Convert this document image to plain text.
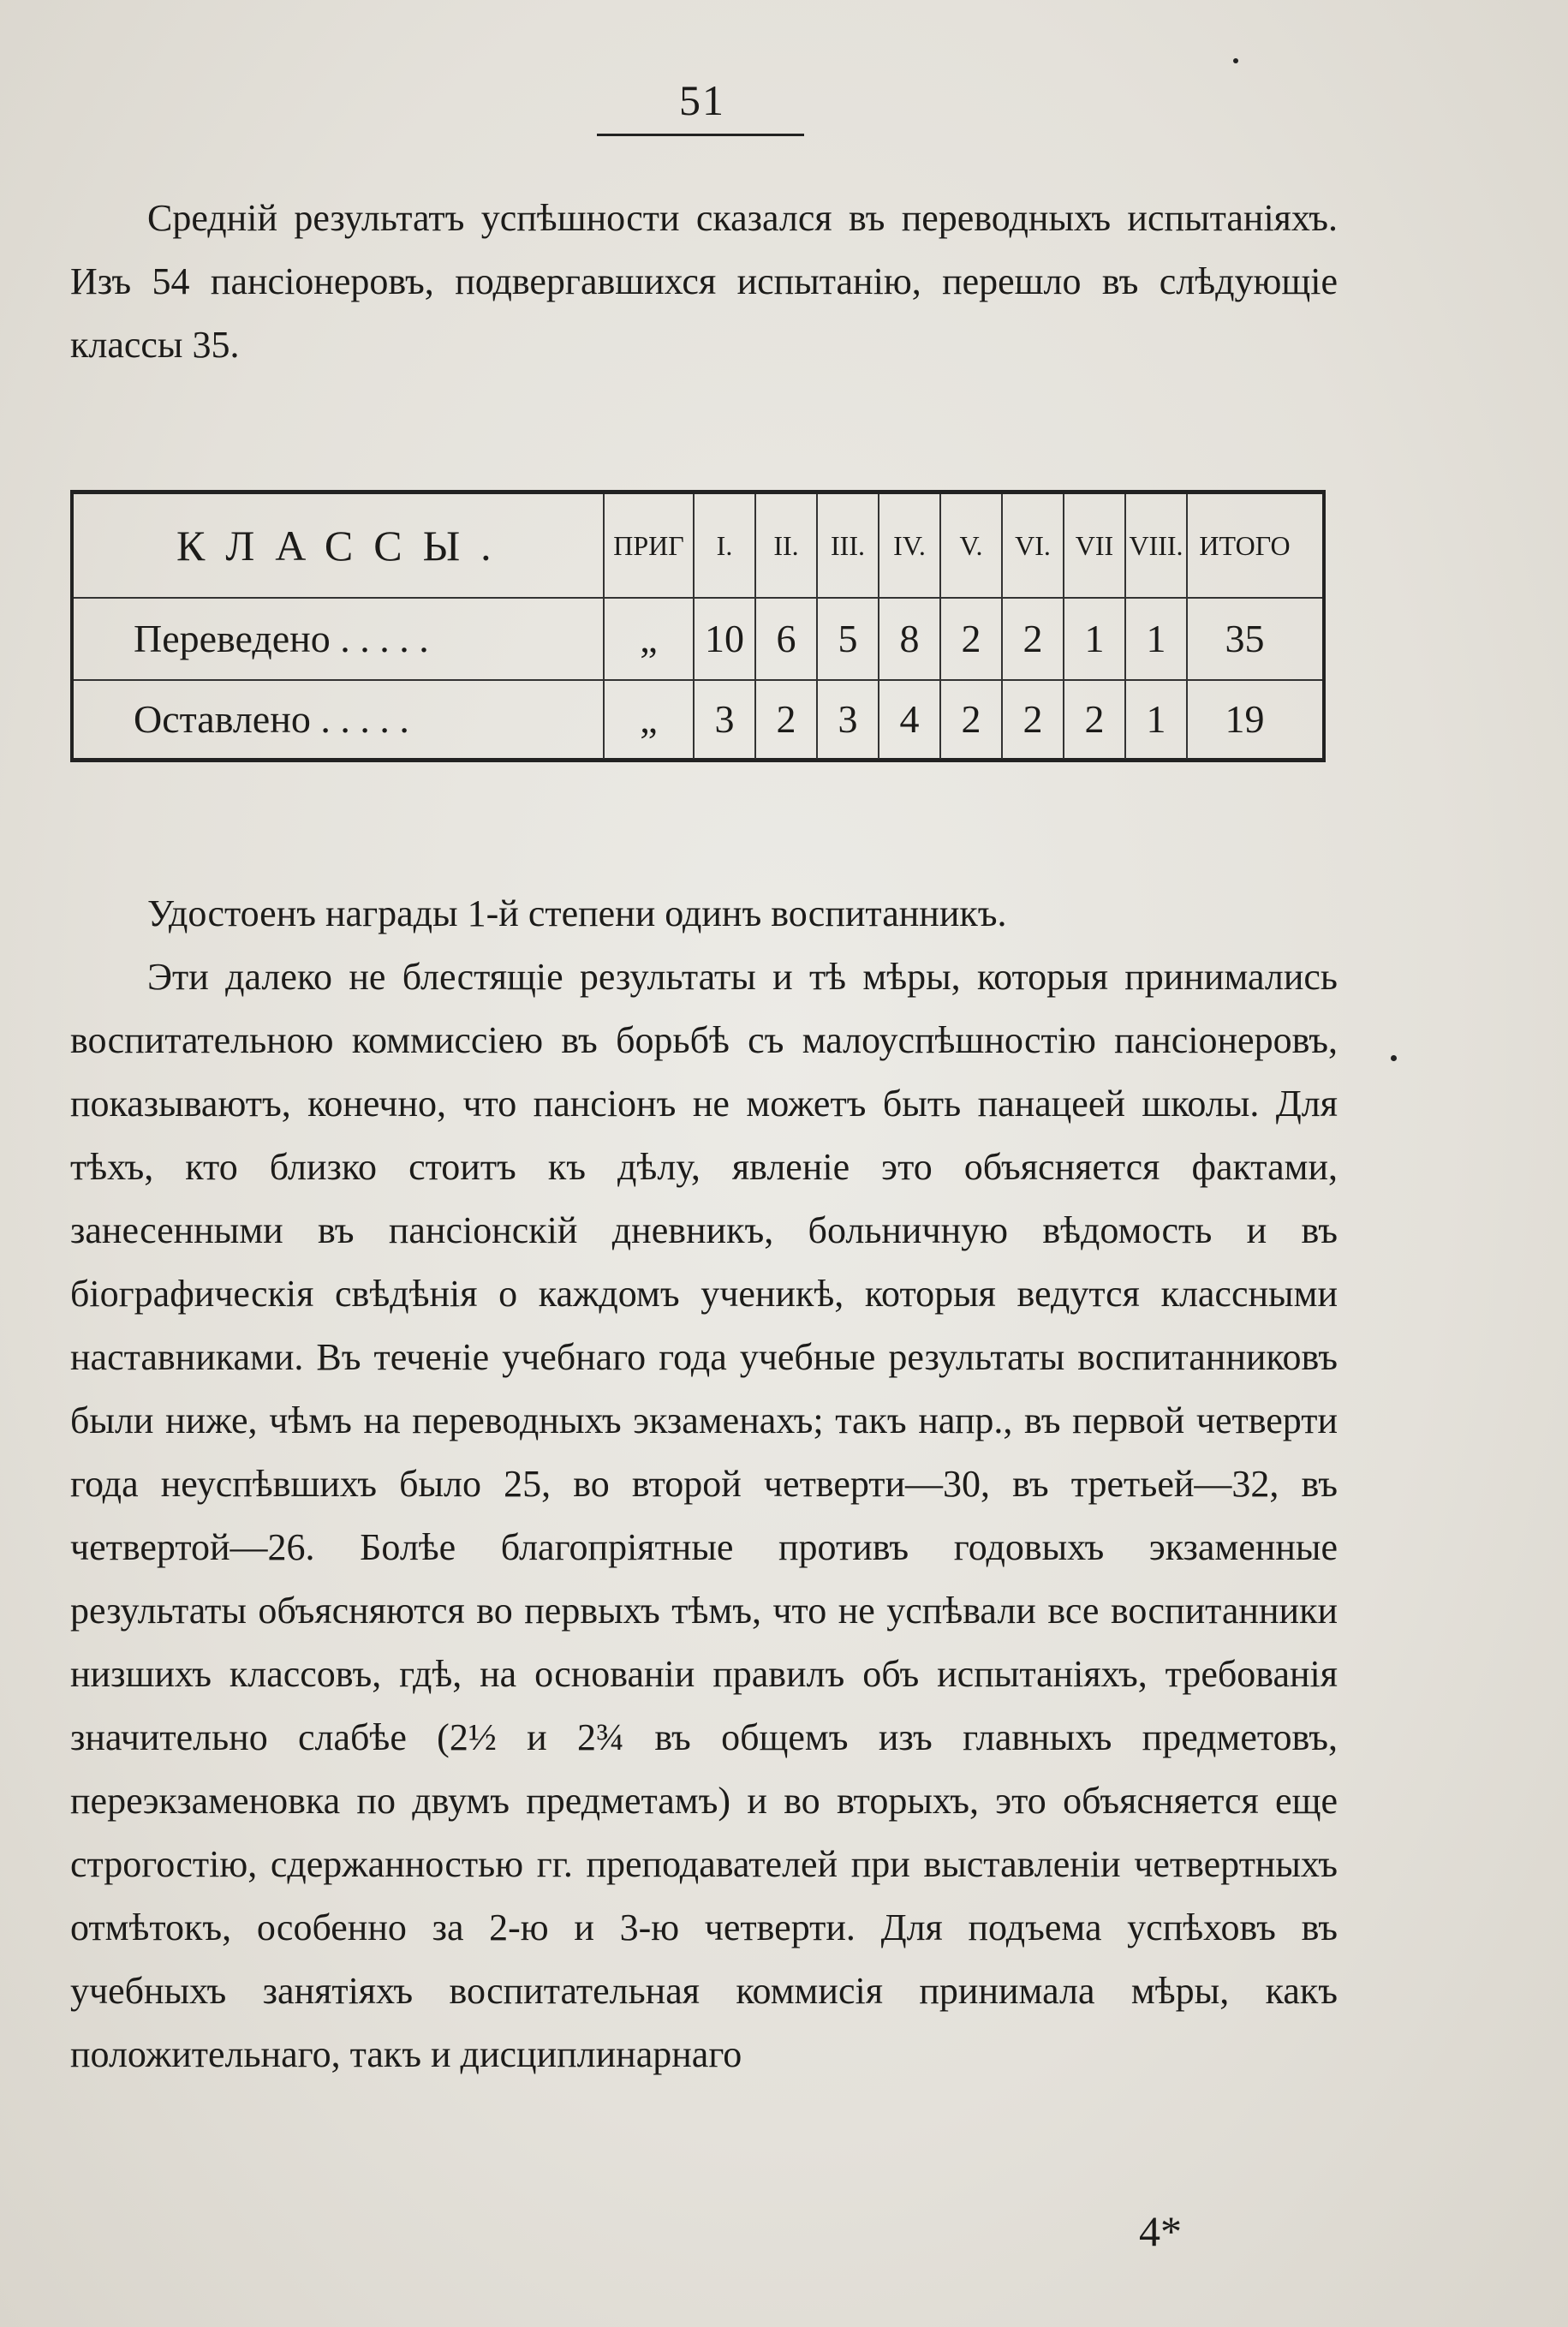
51

Средній результатъ успѣшности сказался въ переводныхъ испытаніяхъ. Изъ 54 пансіонеровъ, подвергавшихся испытанію, перешло въ слѣдующіе классы 35.

КЛАССЫ.	ПРИГ	I.	II.	III.	IV.	V.	VI. VII VIII. ИТОГО
Переведено . . . . .	„	10 6	5	8	2	2	1	1	35
Оставлено . . . . .	„	3	2	3	4	2	2	2	1	19

Удостоенъ награды 1-й степени одинъ воспитанникъ.

Эти далеко не блестящіе результаты и тѣ мѣры, которыя принимались воспитательною коммиссіею въ борьбѣ съ малоуспѣшностію пансіонеровъ, показываютъ, конечно, что пансіонъ не можетъ быть панацеей школы. Для тѣхъ, кто близко стоитъ къ дѣлу, явленіе это объясняется фактами, занесенными въ пансіонскій дневникъ, больничную вѣдомость и въ біографическія свѣдѣнія о каждомъ ученикѣ, которыя ведутся классными наставниками. Въ теченіе учебнаго года учебные результаты воспитанниковъ были ниже, чѣмъ на переводныхъ экзаменахъ; такъ напр., въ первой четверти года неуспѣвшихъ было 25, во второй четверти—30, въ третьей—32, въ четвертой—26. Болѣе благопріятные противъ годовыхъ экзаменные результаты объясняются во первыхъ тѣмъ, что не успѣвали все воспитанники низшихъ классовъ, гдѣ, на основаніи правилъ объ испытаніяхъ, требованія значительно слабѣе (2½ и 2¾ въ общемъ изъ главныхъ предметовъ, переэкзаменовка по двумъ предметамъ) и во вторыхъ, это объясняется еще строгостію, сдержанностью гг. преподавателей при выставленіи четвертныхъ отмѣтокъ, особенно за 2-ю и 3-ю четверти. Для подъема успѣховъ въ учебныхъ занятіяхъ воспитательная коммисія принимала мѣры, какъ положительнаго, такъ и дисциплинарнаго

4*
